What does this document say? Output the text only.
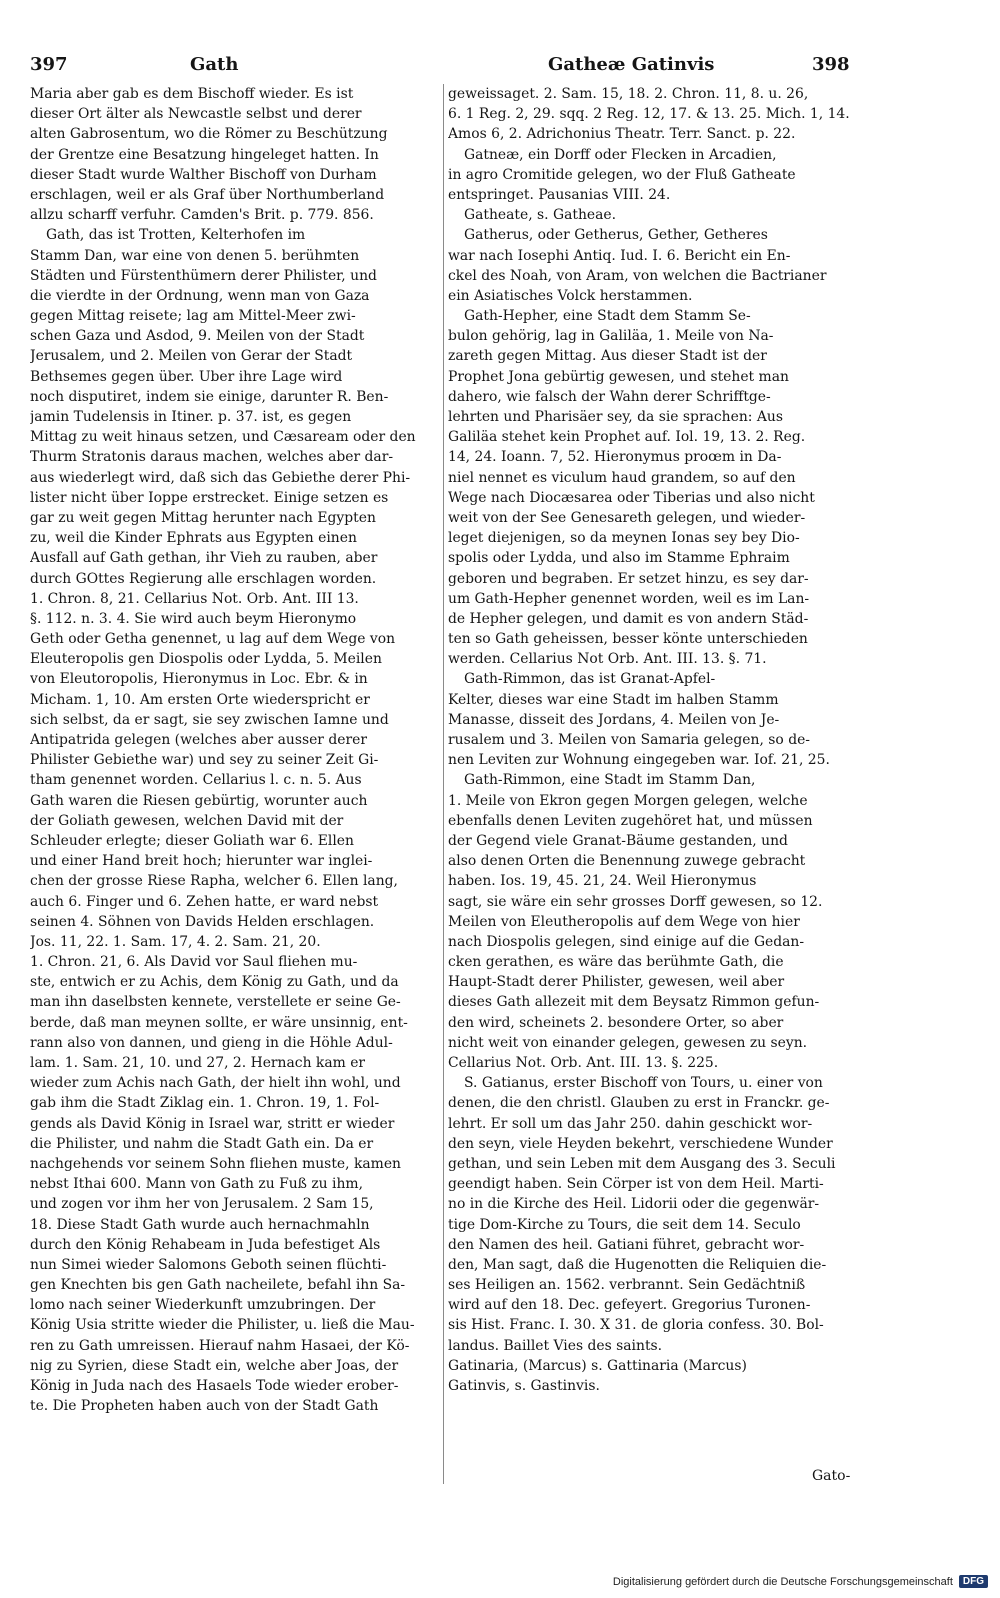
397	Gath	Gatheæ Gatinvis	398
Maria aber gab es dem Bischoff wieder. Es ist
dieser Ort älter als Newcastle selbst und derer
alten Gabrosentum, wo die Römer zu Beschützung
der Grentze eine Besatzung hingeleget hatten. In
dieser Stadt wurde Walther Bischoff von Durham
erschlagen, weil er als Graf über Northumberland
allzu scharff verfuhr. Camden's Brit. p. 779. 856.
Gath, das ist Trotten, Kelterhofen im
Stamm Dan, war eine von denen 5. berühmten
Städten und Fürstenthümern derer Philister, und
die vierdte in der Ordnung, wenn man von Gaza
gegen Mittag reisete; lag am Mittel-Meer zwi-
schen Gaza und Asdod, 9. Meilen von der Stadt
Jerusalem, und 2. Meilen von Gerar der Stadt
Bethsemes gegen über. Uber ihre Lage wird
noch disputiret, indem sie einige, darunter R. Ben-
jamin Tudelensis in Itiner. p. 37. ist, es gegen
Mittag zu weit hinaus setzen, und Cæsaream oder den
Thurm Stratonis daraus machen, welches aber dar-
aus wiederlegt wird, daß sich das Gebiethe derer Phi-
lister nicht über Ioppe erstrecket. Einige setzen es
gar zu weit gegen Mittag herunter nach Egypten
zu, weil die Kinder Ephrats aus Egypten einen
Ausfall auf Gath gethan, ihr Vieh zu rauben, aber
durch GOttes Regierung alle erschlagen worden.
1. Chron. 8, 21. Cellarius Not. Orb. Ant. III 13.
§. 112. n. 3. 4. Sie wird auch beym Hieronymo
Geth oder Getha genennet, u lag auf dem Wege von
Eleuteropolis gen Diospolis oder Lydda, 5. Meilen
von Eleutoropolis, Hieronymus in Loc. Ebr. & in
Micham. 1, 10. Am ersten Orte wiederspricht er
sich selbst, da er sagt, sie sey zwischen Iamne und
Antipatrida gelegen (welches aber ausser derer
Philister Gebiethe war) und sey zu seiner Zeit Gi-
tham genennet worden. Cellarius l. c. n. 5. Aus
Gath waren die Riesen gebürtig, worunter auch
der Goliath gewesen, welchen David mit der
Schleuder erlegte; dieser Goliath war 6. Ellen
und einer Hand breit hoch; hierunter war inglei-
chen der grosse Riese Rapha, welcher 6. Ellen lang,
auch 6. Finger und 6. Zehen hatte, er ward nebst
seinen 4. Söhnen von Davids Helden erschlagen.
Jos. 11, 22. 1. Sam. 17, 4. 2. Sam. 21, 20.
1. Chron. 21, 6. Als David vor Saul fliehen mu-
ste, entwich er zu Achis, dem König zu Gath, und da
man ihn daselbsten kennete, verstellete er seine Ge-
berde, daß man meynen sollte, er wäre unsinnig, ent-
rann also von dannen, und gieng in die Höhle Adul-
lam. 1. Sam. 21, 10. und 27, 2. Hernach kam er
wieder zum Achis nach Gath, der hielt ihn wohl, und
gab ihm die Stadt Ziklag ein. 1. Chron. 19, 1. Fol-
gends als David König in Israel war, stritt er wieder
die Philister, und nahm die Stadt Gath ein. Da er
nachgehends vor seinem Sohn fliehen muste, kamen
nebst Ithai 600. Mann von Gath zu Fuß zu ihm,
und zogen vor ihm her von Jerusalem. 2 Sam 15,
18. Diese Stadt Gath wurde auch hernachmahln
durch den König Rehabeam in Juda befestiget Als
nun Simei wieder Salomons Geboth seinen flüchti-
gen Knechten bis gen Gath nacheilete, befahl ihn Sa-
lomo nach seiner Wiederkunft umzubringen. Der
König Usia stritte wieder die Philister, u. ließ die Mau-
ren zu Gath umreissen. Hierauf nahm Hasaei, der Kö-
nig zu Syrien, diese Stadt ein, welche aber Joas, der
König in Juda nach des Hasaels Tode wieder erober-
te. Die Propheten haben auch von der Stadt Gath
geweissaget. 2. Sam. 15, 18. 2. Chron. 11, 8. u. 26,
6. 1 Reg. 2, 29. sqq. 2 Reg. 12, 17. & 13. 25. Mich. 1, 14.
Amos 6, 2. Adrichonius Theatr. Terr. Sanct. p. 22.
Gatneæ, ein Dorff oder Flecken in Arcadien,
in agro Cromitide gelegen, wo der Fluß Gatheate
entspringet. Pausanias VIII. 24.
Gatheate, s. Gatheae.
Gatherus, oder Getherus, Gether, Getheres
war nach Iosephi Antiq. Iud. I. 6. Bericht ein En-
ckel des Noah, von Aram, von welchen die Bactrianer
ein Asiatisches Volck herstammen.
Gath-Hepher, eine Stadt dem Stamm Se-
bulon gehörig, lag in Galiläa, 1. Meile von Na-
zareth gegen Mittag. Aus dieser Stadt ist der
Prophet Jona gebürtig gewesen, und stehet man
dahero, wie falsch der Wahn derer Schrifftge-
lehrten und Pharisäer sey, da sie sprachen: Aus
Galiläa stehet kein Prophet auf. Iol. 19, 13. 2. Reg.
14, 24. Ioann. 7, 52. Hieronymus proœm in Da-
niel nennet es viculum haud grandem, so auf den
Wege nach Diocæsarea oder Tiberias und also nicht
weit von der See Genesareth gelegen, und wieder-
leget diejenigen, so da meynen Ionas sey bey Dio-
spolis oder Lydda, und also im Stamme Ephraim
geboren und begraben. Er setzet hinzu, es sey dar-
um Gath-Hepher genennet worden, weil es im Lan-
de Hepher gelegen, und damit es von andern Städ-
ten so Gath geheissen, besser könte unterschieden
werden. Cellarius Not Orb. Ant. III. 13. §. 71.
Gath-Rimmon, das ist Granat-Apfel-
Kelter, dieses war eine Stadt im halben Stamm
Manasse, disseit des Jordans, 4. Meilen von Je-
rusalem und 3. Meilen von Samaria gelegen, so de-
nen Leviten zur Wohnung eingegeben war. Iof. 21, 25.
Gath-Rimmon, eine Stadt im Stamm Dan,
1. Meile von Ekron gegen Morgen gelegen, welche
ebenfalls denen Leviten zugehöret hat, und müssen
der Gegend viele Granat-Bäume gestanden, und
also denen Orten die Benennung zuwege gebracht
haben. Ios. 19, 45. 21, 24. Weil Hieronymus
sagt, sie wäre ein sehr grosses Dorff gewesen, so 12.
Meilen von Eleutheropolis auf dem Wege von hier
nach Diospolis gelegen, sind einige auf die Gedan-
cken gerathen, es wäre das berühmte Gath, die
Haupt-Stadt derer Philister, gewesen, weil aber
dieses Gath allezeit mit dem Beysatz Rimmon gefun-
den wird, scheinets 2. besondere Orter, so aber
nicht weit von einander gelegen, gewesen zu seyn.
Cellarius Not. Orb. Ant. III. 13. §. 225.
S. Gatianus, erster Bischoff von Tours, u. einer von
denen, die den christl. Glauben zu erst in Franckr. ge-
lehrt. Er soll um das Jahr 250. dahin geschickt wor-
den seyn, viele Heyden bekehrt, verschiedene Wunder
gethan, und sein Leben mit dem Ausgang des 3. Seculi
geendigt haben. Sein Cörper ist von dem Heil. Marti-
no in die Kirche des Heil. Lidorii oder die gegenwär-
tige Dom-Kirche zu Tours, die seit dem 14. Seculo
den Namen des heil. Gatiani führet, gebracht wor-
den, Man sagt, daß die Hugenotten die Reliquien die-
ses Heiligen an. 1562. verbrannt. Sein Gedächtniß
wird auf den 18. Dec. gefeyert. Gregorius Turonen-
sis Hist. Franc. I. 30. X 31. de gloria confess. 30. Bol-
landus. Baillet Vies des saints.
Gatinaria, (Marcus) s. Gattinaria (Marcus)
Gatinvis, s. Gastinvis.
Gato-
Digitalisierung gefördert durch die Deutsche Forschungsgemeinschaft	DFG
